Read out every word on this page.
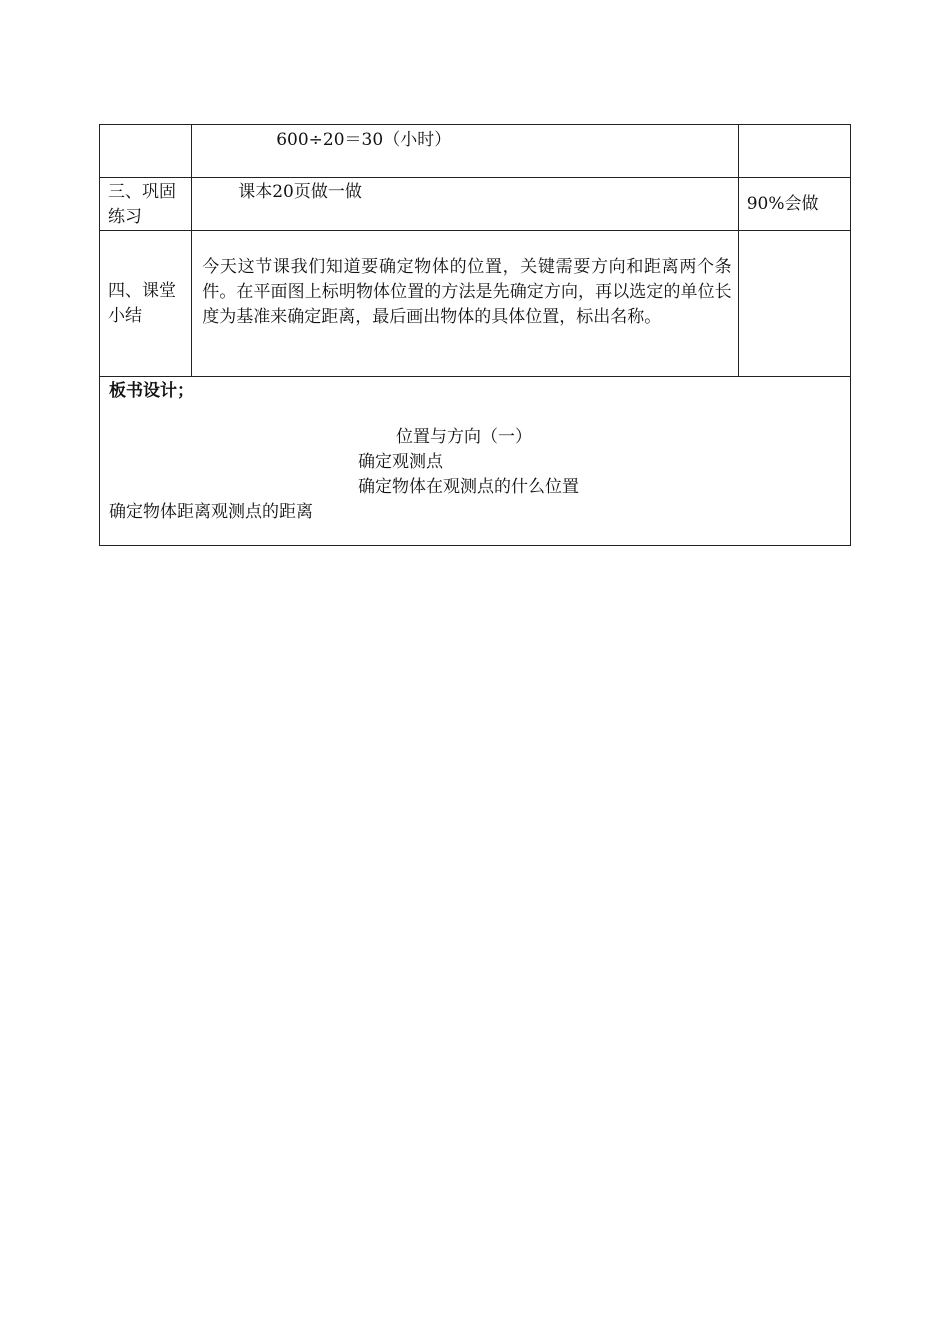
	600÷20＝30（小时）	

三、巩固练习	课本20页做一做	90%会做
四、课堂小结	今天这节课我们知道要确定物体的位置，关键需要方向和距离两个条件。在平面图上标明物体位置的方法是先确定方向，再以选定的单位长度为基准来确定距离，最后画出物体的具体位置，标出名称。	

板书设计；
位置与方向（一）
确定观测点
确定物体在观测点的什么位置
确定物体距离观测点的距离		
